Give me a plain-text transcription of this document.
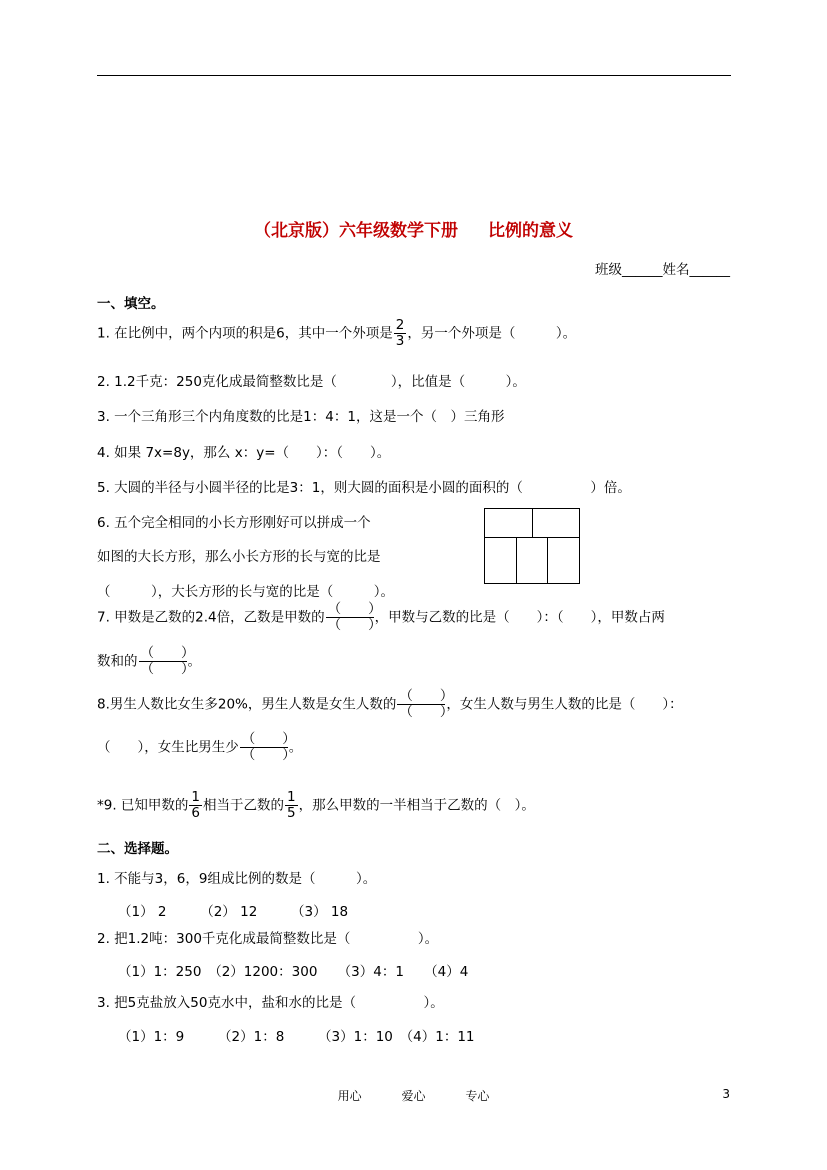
（北京版）六年级数学下册 比例的意义
班级______姓名______
一、填空。
1. 在比例中，两个内项的积是6，其中一个外项是 $\frac{2}{3}$ ，另一个外项是（　　　）。
2. 1.2千克：250克化成最简整数比是（　　　　），比值是（　　　）。
3. 一个三角形三个内角度数的比是1：4：1，这是一个（　）三角形
4. 如果 7x=8y，那么 x：y=（　　）：（　　）。
5. 大圆的半径与小圆半径的比是3：1，则大圆的面积是小圆的面积的（　　　　　）倍。
6. 五个完全相同的小长方形刚好可以拼成一个
如图的大长方形，那么小长方形的长与宽的比是
（　　　），大长方形的长与宽的比是（　　　）。
7. 甲数是乙数的2.4倍，乙数是甲数的 $\frac{( )}{( )}$ ，甲数与乙数的比是（　　）：（　　），甲数占两
数和的 $\frac{( )}{( )}$ 。
8.男生人数比女生多20%，男生人数是女生人数的 $\frac{( )}{( )}$ ，女生人数与男生人数的比是（　　）：
（　　），女生比男生少 $\frac{( )}{( )}$ 。
*9. 已知甲数的 $\frac{1}{6}$ 相当于乙数的 $\frac{1}{5}$ ，那么甲数的一半相当于乙数的（　）。
二、选择题。
1. 不能与3，6，9组成比例的数是（　　　）。
（1） 2　　　（2） 12　　　（3） 18
2. 把1.2吨：300千克化成最简整数比是（　　　　　）。
（1）1：250　（2）1200：300　　（3）4：1　　（4）4
3. 把5克盐放入50克水中，盐和水的比是（　　　　　）。
（1）1：9　　　（2）1：8　　　（3）1：10　（4）1：11
用心	爱心	专心	3
